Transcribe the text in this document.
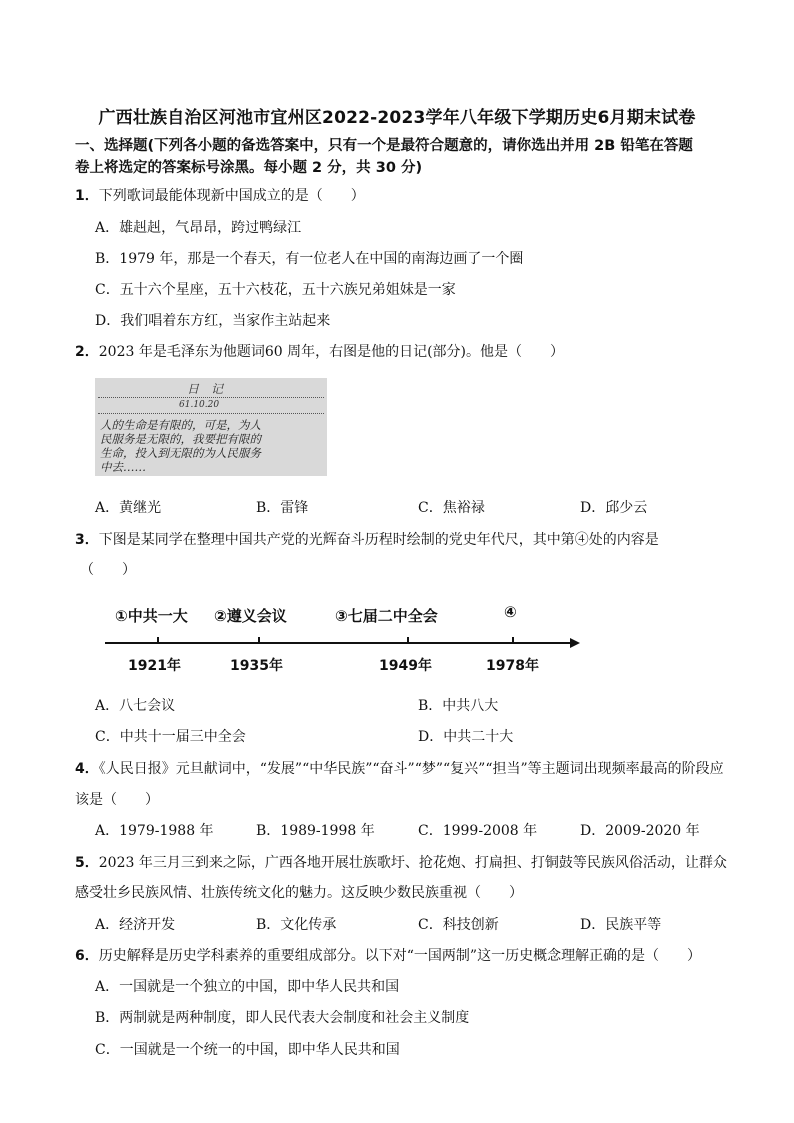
广西壮族自治区河池市宜州区2022-2023学年八年级下学期历史6月期末试卷
一、选择题(下列各小题的备选答案中，只有一个是最符合题意的，请你选出并用 2B 铅笔在答题
卷上将选定的答案标号涂黑。每小题 2 分，共 30 分)
1．下列歌词最能体现新中国成立的是（　　）
A．雄赳赳，气昂昂，跨过鸭绿江
B．1979 年，那是一个春天，有一位老人在中国的南海边画了一个圈
C．五十六个星座，五十六枝花，五十六族兄弟姐妹是一家
D．我们唱着东方红，当家作主站起来
2．2023 年是毛泽东为他题词60 周年，右图是他的日记(部分)。他是（　　）
日　记
61.10.20
人的生命是有限的，可是，为人
民服务是无限的，我要把有限的
生命，投入到无限的为人民服务
中去……
A．黄继光	B．雷锋	C．焦裕禄	D．邱少云
3．下图是某同学在整理中国共产党的光辉奋斗历程时绘制的党史年代尺，其中第④处的内容是
（　　）
①中共一大 ②遵义会议	③七届二中全会	④
1921年	1935年	1949年	1978年
A．八七会议	B．中共八大
C．中共十一届三中全会	D．中共二十大
4．《人民日报》元旦献词中，“发展”“中华民族”“奋斗”“梦”“复兴”“担当”等主题词出现频率最高的阶段应
该是（　　）
A．1979-1988 年	B．1989-1998 年	C．1999-2008 年	D．2009-2020 年
5．2023 年三月三到来之际，广西各地开展壮族歌圩、抢花炮、打扁担、打铜鼓等民族风俗活动，让群众
感受壮乡民族风情、壮族传统文化的魅力。这反映少数民族重视（　　）
A．经济开发	B．文化传承	C．科技创新	D．民族平等
6．历史解释是历史学科素养的重要组成部分。以下对“一国两制”这一历史概念理解正确的是（　　）
A．一国就是一个独立的中国，即中华人民共和国
B．两制就是两种制度，即人民代表大会制度和社会主义制度
C．一国就是一个统一的中国，即中华人民共和国
